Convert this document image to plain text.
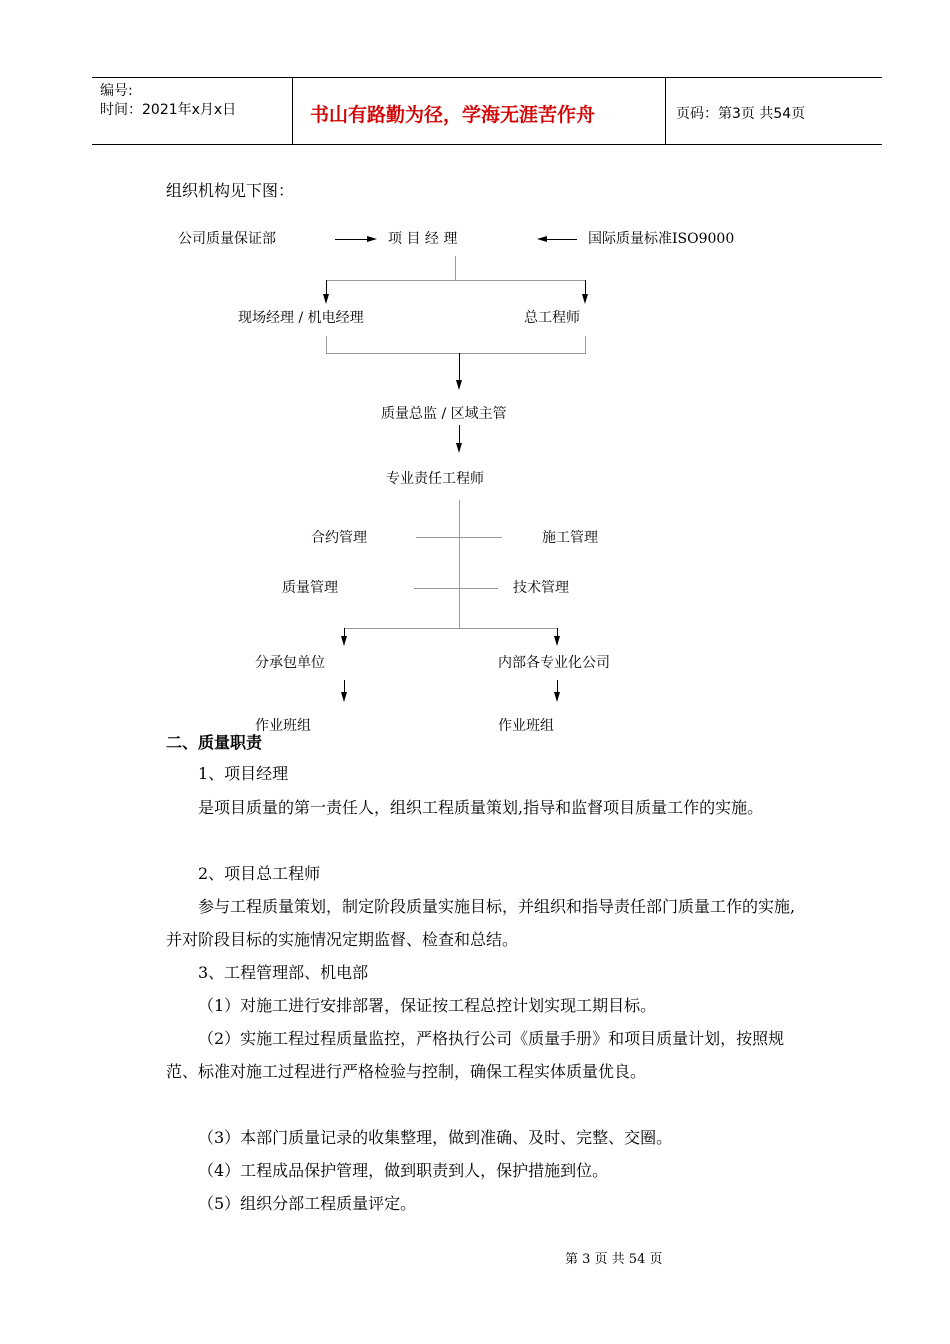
编号:
时间：2021年x月x日	书山有路勤为径，学海无涯苦作舟	页码：第3页 共54页
组织机构见下图：
公司质量保证部	项 目 经 理	国际质量标准ISO9000
现场经理 / 机电经理	总工程师
质量总监 / 区域主管
专业责任工程师
合约管理	施工管理
质量管理	技术管理
分承包单位	内部各专业化公司
作业班组	作业班组
二、质量职责
1、项目经理
是项目质量的第一责任人，组织工程质量策划,指导和监督项目质量工作的实施。
2、项目总工程师
参与工程质量策划，制定阶段质量实施目标，并组织和指导责任部门质量工作的实施,并对阶段目标的实施情况定期监督、检查和总结。
3、工程管理部、机电部
（1）对施工进行安排部署，保证按工程总控计划实现工期目标。
（2）实施工程过程质量监控，严格执行公司《质量手册》和项目质量计划，按照规范、标准对施工过程进行严格检验与控制，确保工程实体质量优良。
（3）本部门质量记录的收集整理，做到准确、及时、完整、交圈。
（4）工程成品保护管理，做到职责到人，保护措施到位。
（5）组织分部工程质量评定。
第 3 页 共 54 页
